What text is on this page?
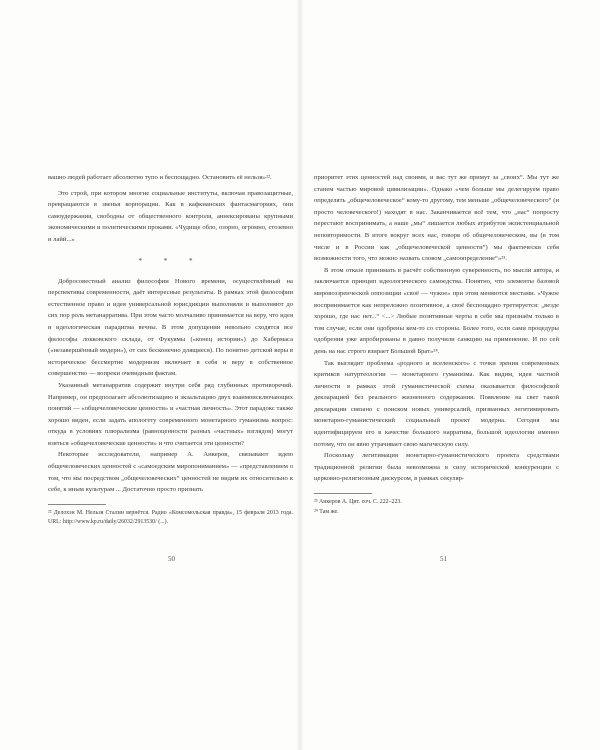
вашно людей работает абсолютно тупо и беспощадно. Остановить её нельзя»²².

Это строй, при котором многие социальные институты, включая правозащитные, превращаются в звенья корпорации. Как в кафкианских фантасмагориях, они самоудержания, свободны от общественного контроля, аннексированы крупными экономическими и политическими проками. «Чудище обло, озорно, огромно, стозевно и лайй...»

* * *

Добросовестный анализ философии Нового времени, осуществлённый на перспективы современности, даёт интересные результаты. В рамках этой философии естественное право и идея универсальной юрисдикции выполняли и выполняют до сих пор роль метанарратива. При этом часто молчаливо принимается на веру, что идея и идеологическая парадигма вечны. В этом допущении невольно сходятся все философы локковского склада, от Фукуямы («конец истории») до Хабермаса («незавершённый модерн»), от сих бесконечно длящиеся). По понятно детской веры в историческое бессмертие модернизм включает в себя и веру в собственное совершенство — вопреки очевидным фактам.

Указанный метанарратив содержит внутри себя ряд глубинных противоречий. Например, он предполагает абсолютизацию и экзальтацию двух взаимоисключающих понятий — «общечеловеческие ценности» и «частная личность». Этот парадокс также хорошо виден, если задать апологету современного монетарного гуманизма вопрос: откуда в условиях плюрализма (равноценности разных «частных» взглядов) могут взяться «общечеловеческие ценности» и что считается эти ценности?

Некоторые исследователи, например А. Анкеров, связывают идею общечеловеческих ценностей с «самоедским миропониманием» — «представлением о том, что мы посредством „общечеловеческих“ ценностей не видим их относительно к себе, к иным культурам ... Достаточно просто признать

²² Делохэн М. Нельзя Сталин вернётся. Радио «Комсомольская правда», 15 февраля 2013 года. URL: http://www.kp.ru/daily/26032/2913530/ (...).

50

приоритет этих ценностей над своими, и вас тут же примут за „своих“. Мы тут же станем частью мировой цивилизации». Однако «чем больше мы делегируем право определять „общечеловеческое“ кому-то другому, тем меньше „общечеловеческого“ (и просто человеческого!) находят в нас. Заканчивается всё тем, что „нас“ попросту перестают воспринимать, а наше „мы“ лишается любых атрибутов экзистенциальной неповторимости. В итоге вокруг всех нас, говоря об общечеловеческом, вы (в том числе и в России как „общечеловеческой ценности“) мы фактически себя возможности того, что можно назвать словом „самоопределение“»²³.

В этом отказе принимать в расчёт собственную суверенность, по мысли автора, и заключается принцип идеологического самоедства. Понятно, что элементы базовой мировоззренческой оппозиции «своё — чужое» при этом меняются местами. «Чужое воспринимается как непреложно позитивное, а своё беспощадно третируется: „везде хорошо, где нас нет...“ <...> Любые позитивные черты в себе мы признаём только в том случае, если они одобрены кем-то со стороны. Более того, если сами процедуры одобрения уже апробированы в давно получили санкцию на применение. И по сей день на нас строго взирает Большой Брат»²⁴.

Так выглядит проблема «родного и вселенского» с точки зрения современных критиков натуртеологии — монетарного гуманизма. Как видим, идея частной личности в рамках этой гуманистической схемы оказывается философской декларацией без реального жизненного содержания. Появление на свет такой декларации связано с поиском новых универсалий, призванных легитимировать монетарно-гуманистический социальный проект модерна. Сегодня мы идентифицируем его в качестве большого нарратива, большой идеологии именно потому, что он явно утрачивает свою магическую силу.

Поскольку легитимация монетарно-гуманистического проекта средствами традиционной религии была невозможна в силу исторической конкуренции с церковно-религиозным дискурсом, в рамках секуляр-

²³ Анкеров А. Цит. соч. С. 222–223.

²⁴ Там же.

51
